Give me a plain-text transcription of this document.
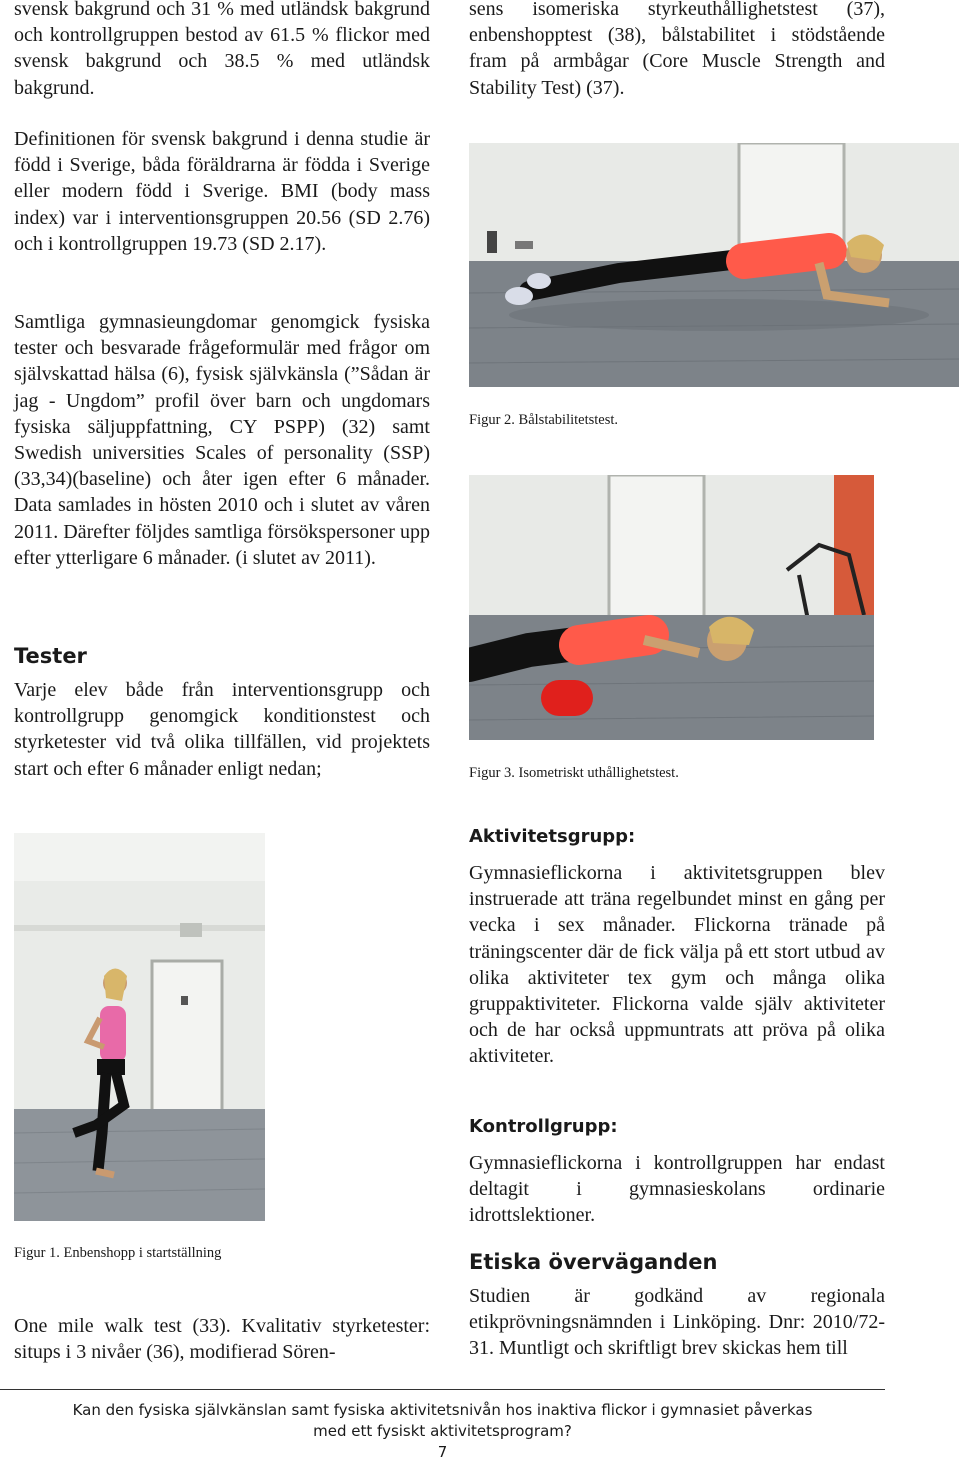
svensk bakgrund och 31 % med utländsk bakgrund och kontrollgruppen bestod av 61.5 % flickor med svensk bakgrund och 38.5 % med utländsk bakgrund.

Definitionen för svensk bakgrund i denna studie är född i Sverige, båda föräldrarna är födda i Sverige eller modern född i Sverige. BMI (body mass index) var i interventionsgruppen 20.56 (SD 2.76) och i kontrollgruppen 19.73 (SD 2.17).

Samtliga gymnasieungdomar genomgick fysiska tester och besvarade frågeformulär med frågor om självskattad hälsa (6), fysisk självkänsla (”Sådan är jag - Ungdom” profil över barn och ungdomars fysiska säljuppfattning, CY PSPP) (32) samt Swedish universities Scales of personality (SSP) (33,34)(baseline) och åter igen efter 6 månader. Data samlades in hösten 2010 och i slutet av våren 2011. Därefter följdes samtliga försökspersoner upp efter ytterligare 6 månader. (i slutet av 2011).

Tester

Varje elev både från interventionsgrupp och kontrollgrupp genomgick konditionstest och styrketester vid två olika tillfällen, vid projektets start och efter 6 månader enligt nedan;

Figur 1. Enbenshopp i startställning

One mile walk test (33). Kvalitativ styrketester: situps i 3 nivåer (36), modifierad Sören-

sens isomeriska styrkeuthållighetstest (37), enbenshopptest (38), bålstabilitet i stödstående fram på armbågar (Core Muscle Strength and Stability Test) (37).

Figur 2. Bålstabilitetstest.

Figur 3. Isometriskt uthållighetstest.

Aktivitetsgrupp:

Gymnasieflickorna i aktivitetsgruppen blev instruerade att träna regelbundet minst en gång per vecka i sex månader. Flickorna tränade på träningscenter där de fick välja på ett stort utbud av olika aktiviteter tex gym och många olika gruppaktiviteter. Flickorna valde själv aktiviteter och de har också uppmuntrats att pröva på olika aktiviteter.

Kontrollgrupp:

Gymnasieflickorna i kontrollgruppen har endast deltagit i gymnasieskolans ordinarie idrottslektioner.

Etiska överväganden

Studien är godkänd av regionala etikprövningsnämnden i Linköping. Dnr: 2010/72-31. Muntligt och skriftligt brev skickas hem till

Kan den fysiska självkänslan samt fysiska aktivitetsnivån hos inaktiva flickor i gymnasiet påverkas

med ett fysiskt aktivitetsprogram?

7
